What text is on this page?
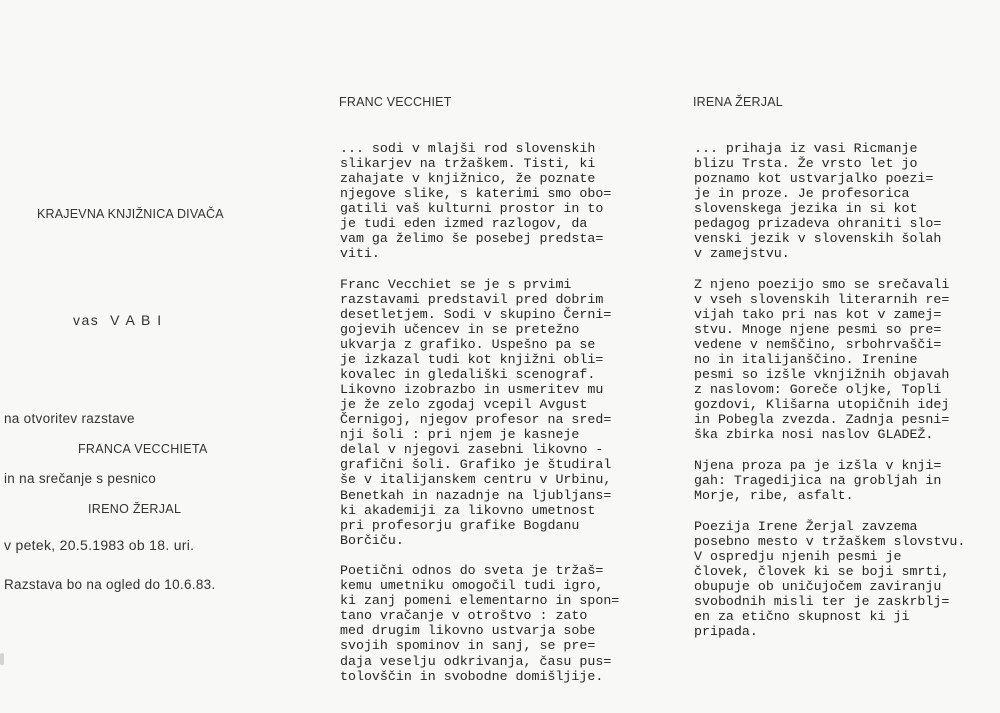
KRAJEVNA KNJIŽNICA DIVAČA
vas  V A B I
na otvoritev razstave
FRANCA VECCHIETA
in na srečanje s pesnico
IRENO ŽERJAL
v petek, 20.5.1983 ob 18. uri.
Razstava bo na ogled do 10.6.83.
FRANC VECCHIET

... sodi v mlajši rod slovenskih
slikarjev na tržaškem. Tisti, ki
zahajate v knjižnico, že poznate
njegove slike, s katerimi smo obo=
gatili vaš kulturni prostor in to
je tudi eden izmed razlogov, da
vam ga želimo še posebej predsta=
viti.

Franc Vecchiet se je s prvimi
razstavami predstavil pred dobrim
desetletjem. Sodi v skupino Černi=
gojevih učencev in se pretežno
ukvarja z grafiko. Uspešno pa se
je izkazal tudi kot knjižni obli=
kovalec in gledališki scenograf.
Likovno izobrazbo in usmeritev mu
je že zelo zgodaj vcepil Avgust
Černigoj, njegov profesor na sred=
nji šoli : pri njem je kasneje
delal v njegovi zasebni likovno -
grafični šoli. Grafiko je študiral
še v italijanskem centru v Urbinu,
Benetkah in nazadnje na ljubljans=
ki akademiji za likovno umetnost
pri profesorju grafike Bogdanu
Borčiču.

Poetični odnos do sveta je tržaš=
kemu umetniku omogočil tudi igro,
ki zanj pomeni elementarno in spon=
tano vračanje v otroštvo : zato
med drugim likovno ustvarja sobe
svojih spominov in sanj, se pre=
daja veselju odkrivanja, času pus=
tolovščin in svobodne domišljije.

IRENA ŽERJAL

... prihaja iz vasi Ricmanje
blizu Trsta. Že vrsto let jo
poznamo kot ustvarjalko poezi=
je in proze. Je profesorica
slovenskega jezika in si kot
pedagog prizadeva ohraniti slo=
venski jezik v slovenskih šolah
v zamejstvu.

Z njeno poezijo smo se srečavali
v vseh slovenskih literarnih re=
vijah tako pri nas kot v zamej=
stvu. Mnoge njene pesmi so pre=
vedene v nemščino, srbohrvašči=
no in italijanščino. Irenine
pesmi so izšle vknjižnih objavah
z naslovom: Goreče oljke, Topli
gozdovi, Klišarna utopičnih idej
in Pobegla zvezda. Zadnja pesni=
ška zbirka nosi naslov GLADEŽ.

Njena proza pa je izšla v knji=
gah: Tragedijica na grobljah in
Morje, ribe, asfalt.

Poezija Irene Žerjal zavzema
posebno mesto v tržaškem slovstvu.
V ospredju njenih pesmi je
človek, človek ki se boji smrti,
obupuje ob uničujočem zaviranju
svobodnih misli ter je zaskrblj=
en za etično skupnost ki ji
pripada.
